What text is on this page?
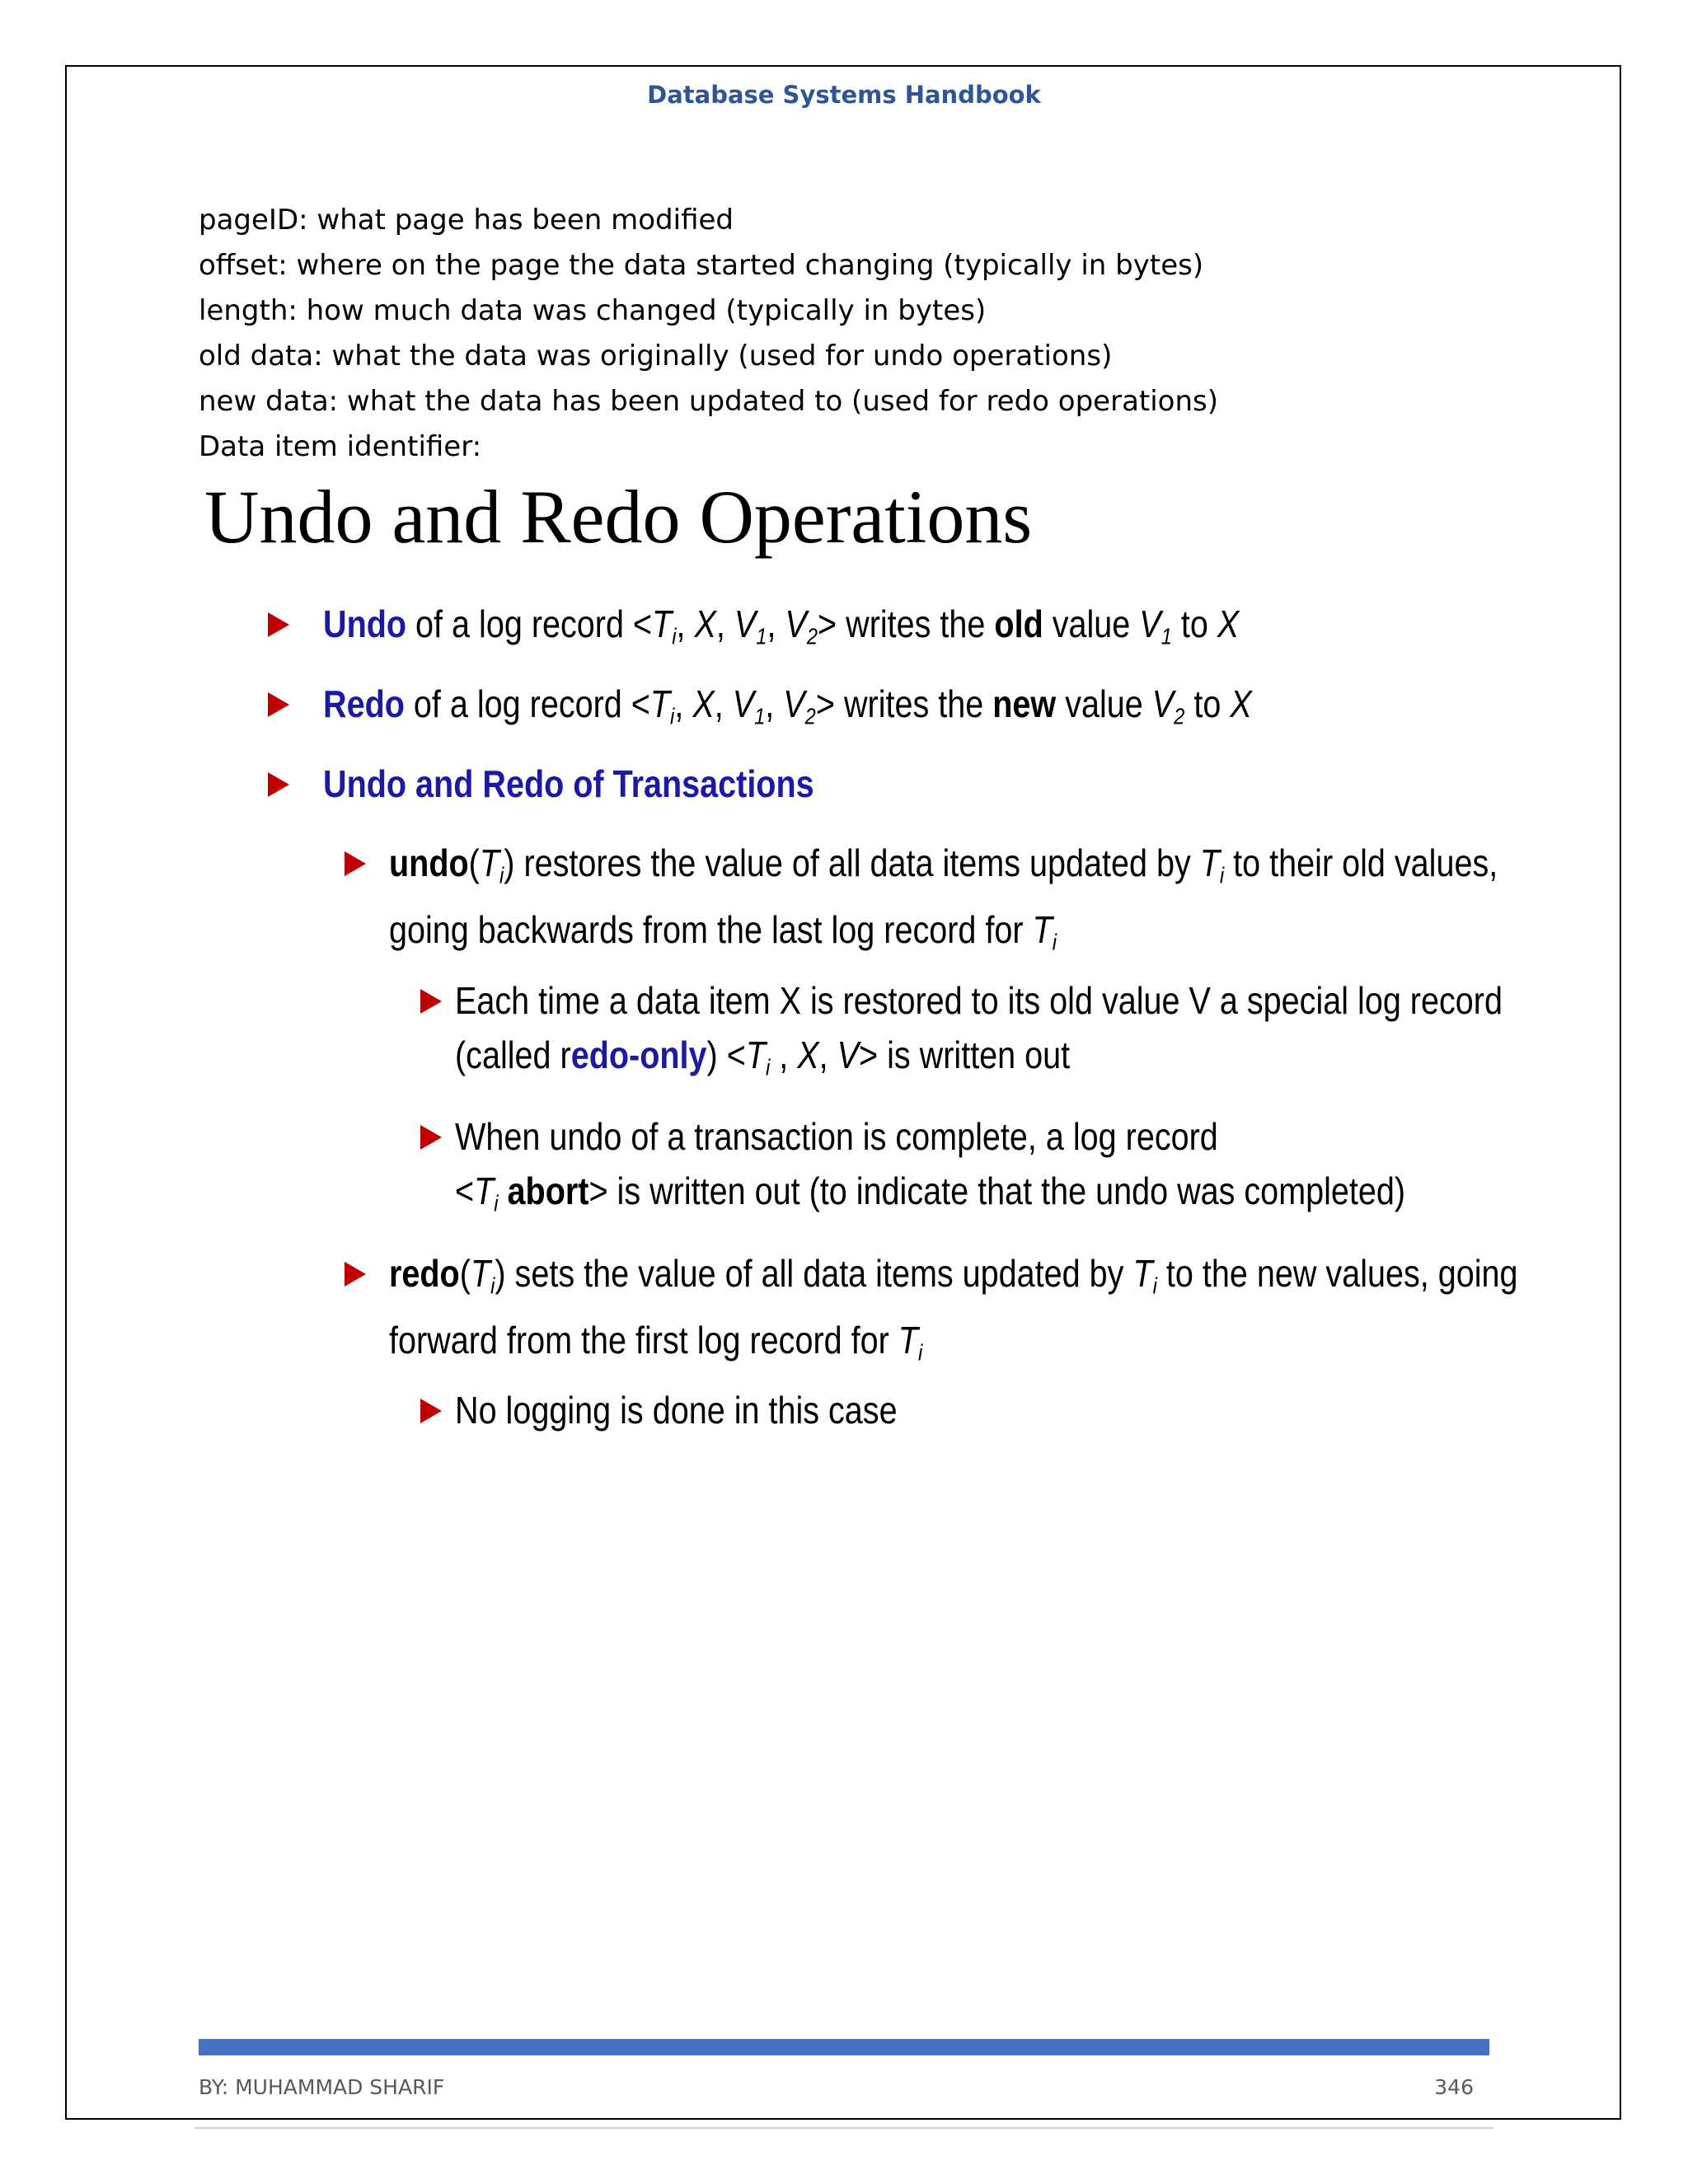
Database Systems Handbook
pageID: what page has been modified
offset: where on the page the data started changing (typically in bytes)
length: how much data was changed (typically in bytes)
old data: what the data was originally (used for undo operations)
new data: what the data has been updated to (used for redo operations)
Data item identifier:
Undo and Redo Operations
Undo of a log record $<T_i$, X, $V_1$, $V_2>$ writes the old value $V_1$ to X
Redo of a log record $<T_i$, X, $V_1$, $V_2>$ writes the new value $V_2$ to X
Undo and Redo of Transactions
$undo(T_i)$ restores the value of all data items updated by $T_i$ to their old values,
going backwards from the last log record for $T_i$
Each time a data item X is restored to its old value V a special log record
(called redo-only) $<T_i$ , X, V> is written out
When undo of a transaction is complete, a log record
$<T_i$ abort> is written out (to indicate that the undo was completed)
$redo(T_i)$ sets the value of all data items updated by $T_i$ to the new values, going
forward from the first log record for $T_i$
No logging is done in this case
BY: MUHAMMAD SHARIF	346
